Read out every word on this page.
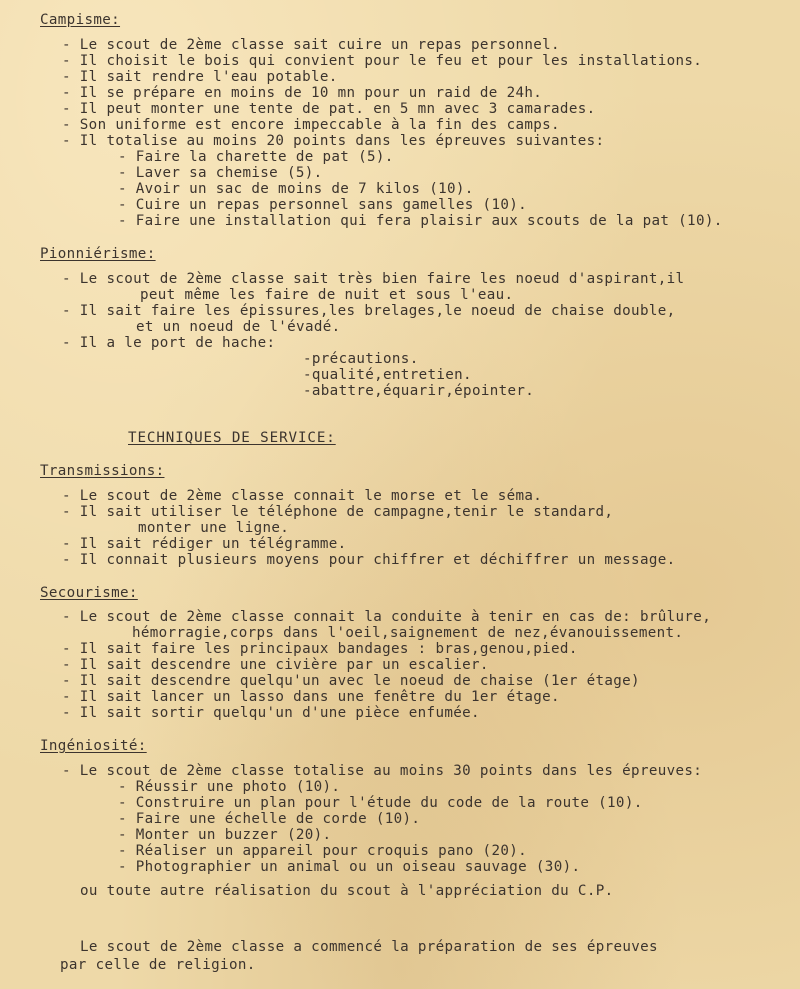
Campisme:
- Le scout de 2ème classe sait cuire un repas personnel.
- Il choisit le bois qui convient pour le feu et pour les installations.
- Il sait rendre l'eau potable.
- Il se prépare en moins de 10 mn pour un raid de 24h.
- Il peut monter une tente de pat. en 5 mn avec 3 camarades.
- Son uniforme est encore impeccable à la fin des camps.
- Il totalise au moins 20 points dans les épreuves suivantes:
- Faire la charette de pat (5).
- Laver sa chemise (5).
- Avoir un sac de moins de 7 kilos (10).
- Cuire un repas personnel sans gamelles (10).
- Faire une installation qui fera plaisir aux scouts de la pat (10).
Pionniérisme:
- Le scout de 2ème classe sait très bien faire les noeud d'aspirant,il
peut même les faire de nuit et sous l'eau.
- Il sait faire les épissures,les brelages,le noeud de chaise double,
et un noeud de l'évadé.
- Il a le port de hache:
-précautions.
-qualité,entretien.
-abattre,équarir,épointer.
TECHNIQUES DE SERVICE:
Transmissions:
- Le scout de 2ème classe connait le morse et le séma.
- Il sait utiliser le téléphone de campagne,tenir le standard,
monter une ligne.
- Il sait rédiger un télégramme.
- Il connait plusieurs moyens pour chiffrer et déchiffrer un message.
Secourisme:
- Le scout de 2ème classe connait la conduite à tenir en cas de: brûlure,
hémorragie,corps dans l'oeil,saignement de nez,évanouissement.
- Il sait faire les principaux bandages : bras,genou,pied.
- Il sait descendre une civière par un escalier.
- Il sait descendre quelqu'un avec le noeud de chaise (1er étage)
- Il sait lancer un lasso dans une fenêtre du 1er étage.
- Il sait sortir quelqu'un d'une pièce enfumée.
Ingéniosité:
- Le scout de 2ème classe totalise au moins 30 points dans les épreuves:
- Réussir une photo (10).
- Construire un plan pour l'étude du code de la route (10).
- Faire une échelle de corde (10).
- Monter un buzzer (20).
- Réaliser un appareil pour croquis pano (20).
- Photographier un animal ou un oiseau sauvage (30).
ou toute autre réalisation du scout à l'appréciation du C.P.
Le scout de 2ème classe a commencé la préparation de ses épreuves
par celle de religion.
